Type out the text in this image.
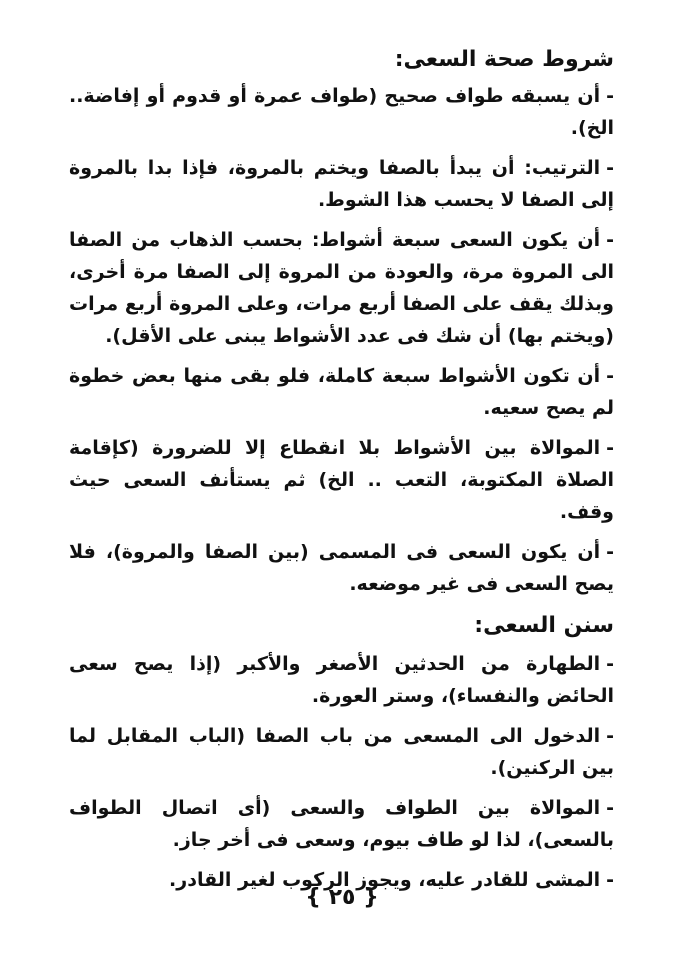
شروط صحة السعى:

-أن يسبقه طواف صحيح (طواف عمرة أو قدوم أو إفاضة.. الخ).

-الترتيب: أن يبدأ بالصفا ويختم بالمروة، فإذا بدا بالمروة إلى الصفا لا يحسب هذا الشوط.

-أن يكون السعى سبعة أشواط: بحسب الذهاب من الصفا الى المروة مرة، والعودة من المروة إلى الصفا مرة أخرى، وبذلك يقف على الصفا أربع مرات، وعلى المروة أربع مرات (ويختم بها) أن شك فى عدد الأشواط يبنى على الأقل).

-أن تكون الأشواط سبعة كاملة، فلو بقى منها بعض خطوة لم يصح سعيه.

-الموالاة بين الأشواط بلا انقطاع إلا للضرورة (كإقامة الصلاة المكتوبة، التعب .. الخ) ثم يستأنف السعى حيث وقف.

-أن يكون السعى فى المسمى (بين الصفا والمروة)، فلا يصح السعى فى غير موضعه.

سنن السعى:

-الطهارة من الحدثين الأصغر والأكبر (إذا يصح سعى الحائض والنفساء)، وستر العورة.

-الدخول الى المسعى من باب الصفا (الباب المقابل لما بين الركنين).

-الموالاة بين الطواف والسعى (أى اتصال الطواف بالسعى)، لذا لو طاف بيوم، وسعى فى أخر جاز.

-المشى للقادر عليه، ويجوز الركوب لغير القادر.

{ ٢٥ }
